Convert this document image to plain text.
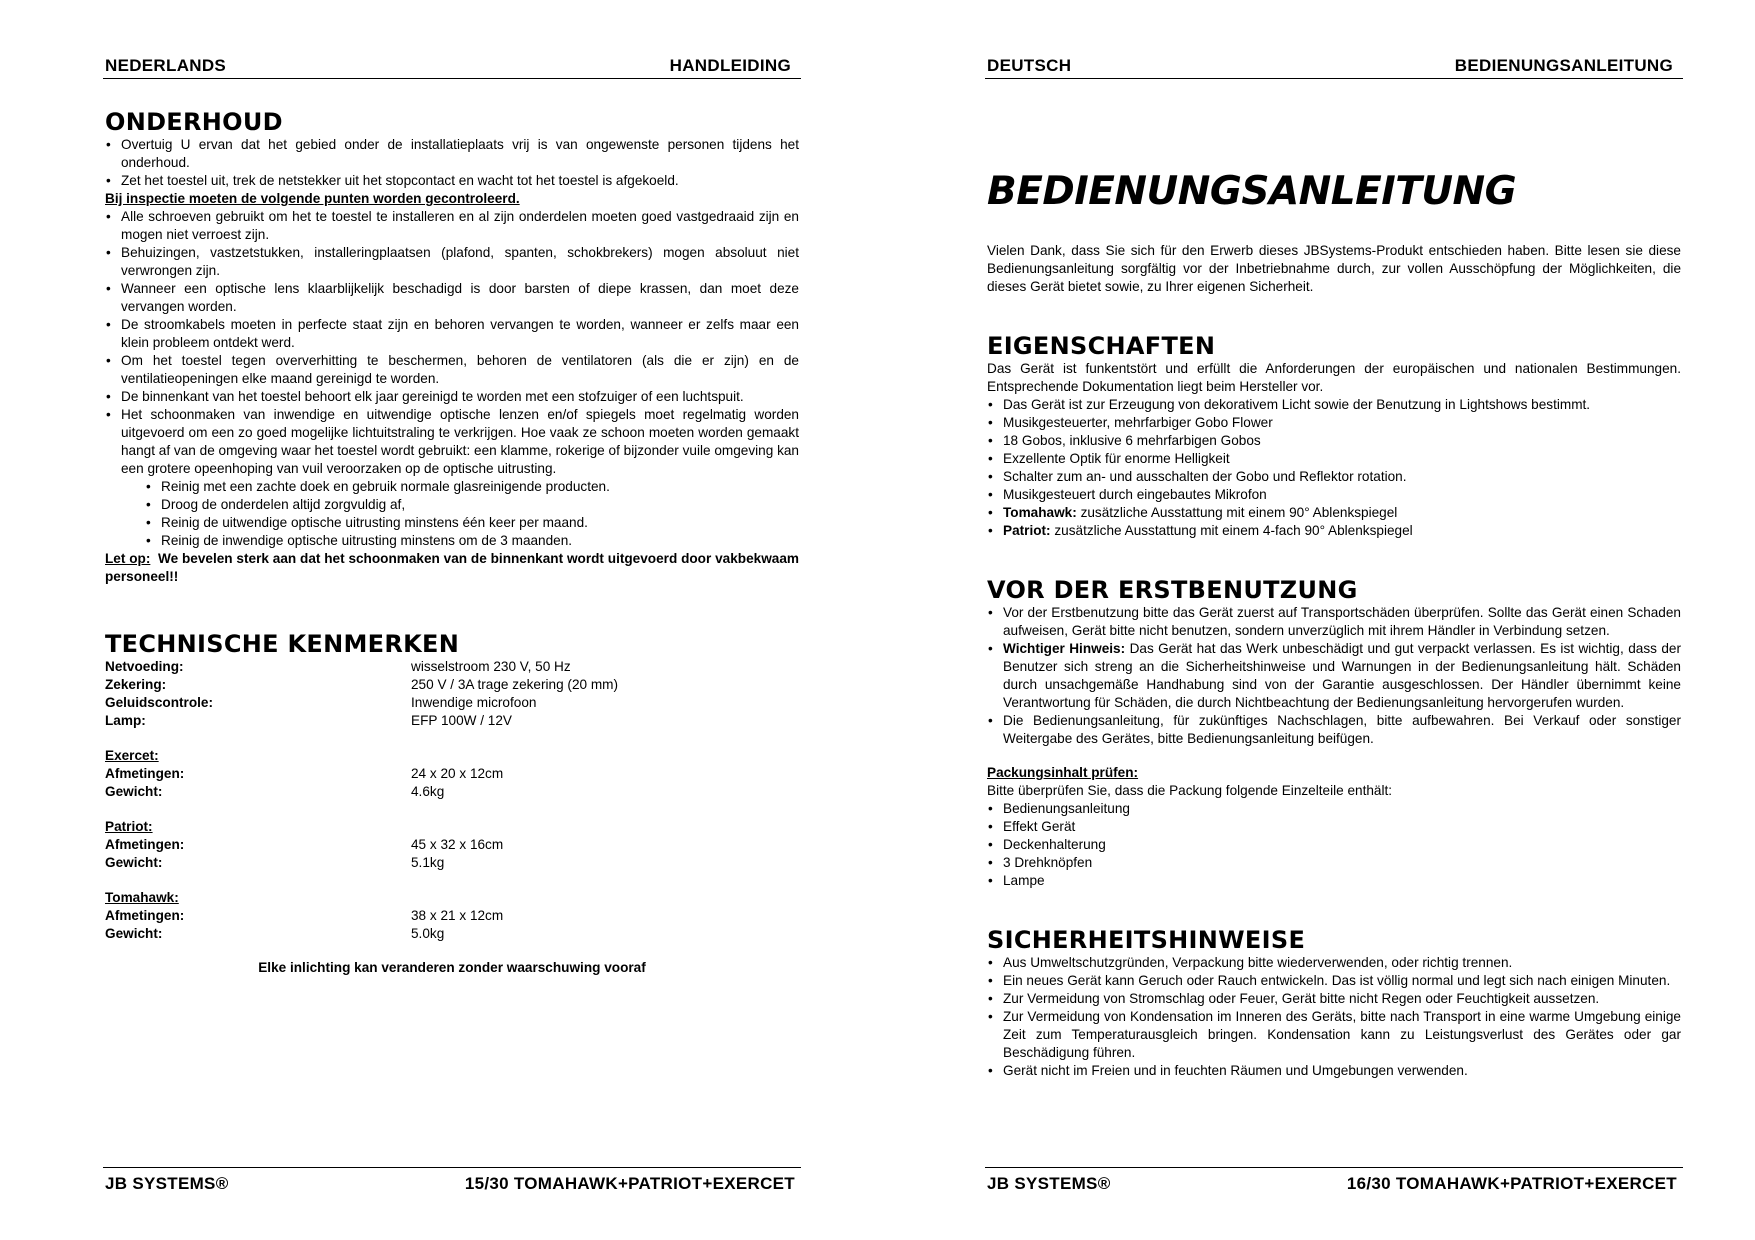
NEDERLANDS	HANDLEIDING
ONDERHOUD
• Overtuig U ervan dat het gebied onder de installatieplaats vrij is van ongewenste personen tijdens het onderhoud.
• Zet het toestel uit, trek de netstekker uit het stopcontact en wacht tot het toestel is afgekoeld.

Bij inspectie moeten de volgende punten worden gecontroleerd.

• Alle schroeven gebruikt om het te toestel te installeren en al zijn onderdelen moeten goed vastgedraaid zijn en mogen niet verroest zijn.
• Behuizingen, vastzetstukken, installeringplaatsen (plafond, spanten, schokbrekers) mogen absoluut niet verwrongen zijn.
• Wanneer een optische lens klaarblijkelijk beschadigd is door barsten of diepe krassen, dan moet deze vervangen worden.
• De stroomkabels moeten in perfecte staat zijn en behoren vervangen te worden, wanneer er zelfs maar een klein probleem ontdekt werd.
• Om het toestel tegen oververhitting te beschermen, behoren de ventilatoren (als die er zijn) en de ventilatieopeningen elke maand gereinigd te worden.
• De binnenkant van het toestel behoort elk jaar gereinigd te worden met een stofzuiger of een luchtspuit.
• Het schoonmaken van inwendige en uitwendige optische lenzen en/of spiegels moet regelmatig worden uitgevoerd om een zo goed mogelijke lichtuitstraling te verkrijgen. Hoe vaak ze schoon moeten worden gemaakt hangt af van de omgeving waar het toestel wordt gebruikt: een klamme, rokerige of bijzonder vuile omgeving kan een grotere opeenhoping van vuil veroorzaken op de optische uitrusting.
• Reinig met een zachte doek en gebruik normale glasreinigende producten.
• Droog de onderdelen altijd zorgvuldig af,
• Reinig de uitwendige optische uitrusting minstens één keer per maand.
• Reinig de inwendige optische uitrusting minstens om de 3 maanden.

Let op: We bevelen sterk aan dat het schoonmaken van de binnenkant wordt uitgevoerd door vakbekwaam personeel!!

TECHNISCHE KENMERKEN
Netvoeding:	wisselstroom 230 V, 50 Hz
Zekering:	250 V / 3A trage zekering (20 mm)
Geluidscontrole:	Inwendige microfoon
Lamp:	EFP 100W / 12V
Exercet:
Afmetingen:	24 x 20 x 12cm
Gewicht:	4.6kg
Patriot:
Afmetingen:	45 x 32 x 16cm
Gewicht:	5.1kg
Tomahawk:
Afmetingen:	38 x 21 x 12cm
Gewicht:	5.0kg

Elke inlichting kan veranderen zonder waarschuwing vooraf

JB SYSTEMS®	15/30 TOMAHAWK+PATRIOT+EXERCET
DEUTSCH	BEDIENUNGSANLEITUNG
BEDIENUNGSANLEITUNG

Vielen Dank, dass Sie sich für den Erwerb dieses JBSystems-Produkt entschieden haben. Bitte lesen sie diese Bedienungsanleitung sorgfältig vor der Inbetriebnahme durch, zur vollen Ausschöpfung der Möglichkeiten, die dieses Gerät bietet sowie, zu Ihrer eigenen Sicherheit.

EIGENSCHAFTEN

Das Gerät ist funkentstört und erfüllt die Anforderungen der europäischen und nationalen Bestimmungen. Entsprechende Dokumentation liegt beim Hersteller vor.

• Das Gerät ist zur Erzeugung von dekorativem Licht sowie der Benutzung in Lightshows bestimmt.
• Musikgesteuerter, mehrfarbiger Gobo Flower
• 18 Gobos, inklusive 6 mehrfarbigen Gobos
• Exzellente Optik für enorme Helligkeit
• Schalter zum an- und ausschalten der Gobo und Reflektor rotation.
• Musikgesteuert durch eingebautes Mikrofon
• Tomahawk: zusätzliche Ausstattung mit einem 90° Ablenkspiegel
• Patriot: zusätzliche Ausstattung mit einem 4-fach 90° Ablenkspiegel
VOR DER ERSTBENUTZUNG
• Vor der Erstbenutzung bitte das Gerät zuerst auf Transportschäden überprüfen. Sollte das Gerät einen Schaden aufweisen, Gerät bitte nicht benutzen, sondern unverzüglich mit ihrem Händler in Verbindung setzen.
• Wichtiger Hinweis: Das Gerät hat das Werk unbeschädigt und gut verpackt verlassen. Es ist wichtig, dass der Benutzer sich streng an die Sicherheitshinweise und Warnungen in der Bedienungsanleitung hält. Schäden durch unsachgemäße Handhabung sind von der Garantie ausgeschlossen. Der Händler übernimmt keine Verantwortung für Schäden, die durch Nichtbeachtung der Bedienungsanleitung hervorgerufen wurden.
• Die Bedienungsanleitung, für zukünftiges Nachschlagen, bitte aufbewahren. Bei Verkauf oder sonstiger Weitergabe des Gerätes, bitte Bedienungsanleitung beifügen.

Packungsinhalt prüfen:

Bitte überprüfen Sie, dass die Packung folgende Einzelteile enthält:

• Bedienungsanleitung
• Effekt Gerät
• Deckenhalterung
• 3 Drehknöpfen
• Lampe
SICHERHEITSHINWEISE
• Aus Umweltschutzgründen, Verpackung bitte wiederverwenden, oder richtig trennen.
• Ein neues Gerät kann Geruch oder Rauch entwickeln. Das ist völlig normal und legt sich nach einigen Minuten.
• Zur Vermeidung von Stromschlag oder Feuer, Gerät bitte nicht Regen oder Feuchtigkeit aussetzen.
• Zur Vermeidung von Kondensation im Inneren des Geräts, bitte nach Transport in eine warme Umgebung einige Zeit zum Temperaturausgleich bringen. Kondensation kann zu Leistungsverlust des Gerätes oder gar Beschädigung führen.
• Gerät nicht im Freien und in feuchten Räumen und Umgebungen verwenden.
JB SYSTEMS®	16/30 TOMAHAWK+PATRIOT+EXERCET
